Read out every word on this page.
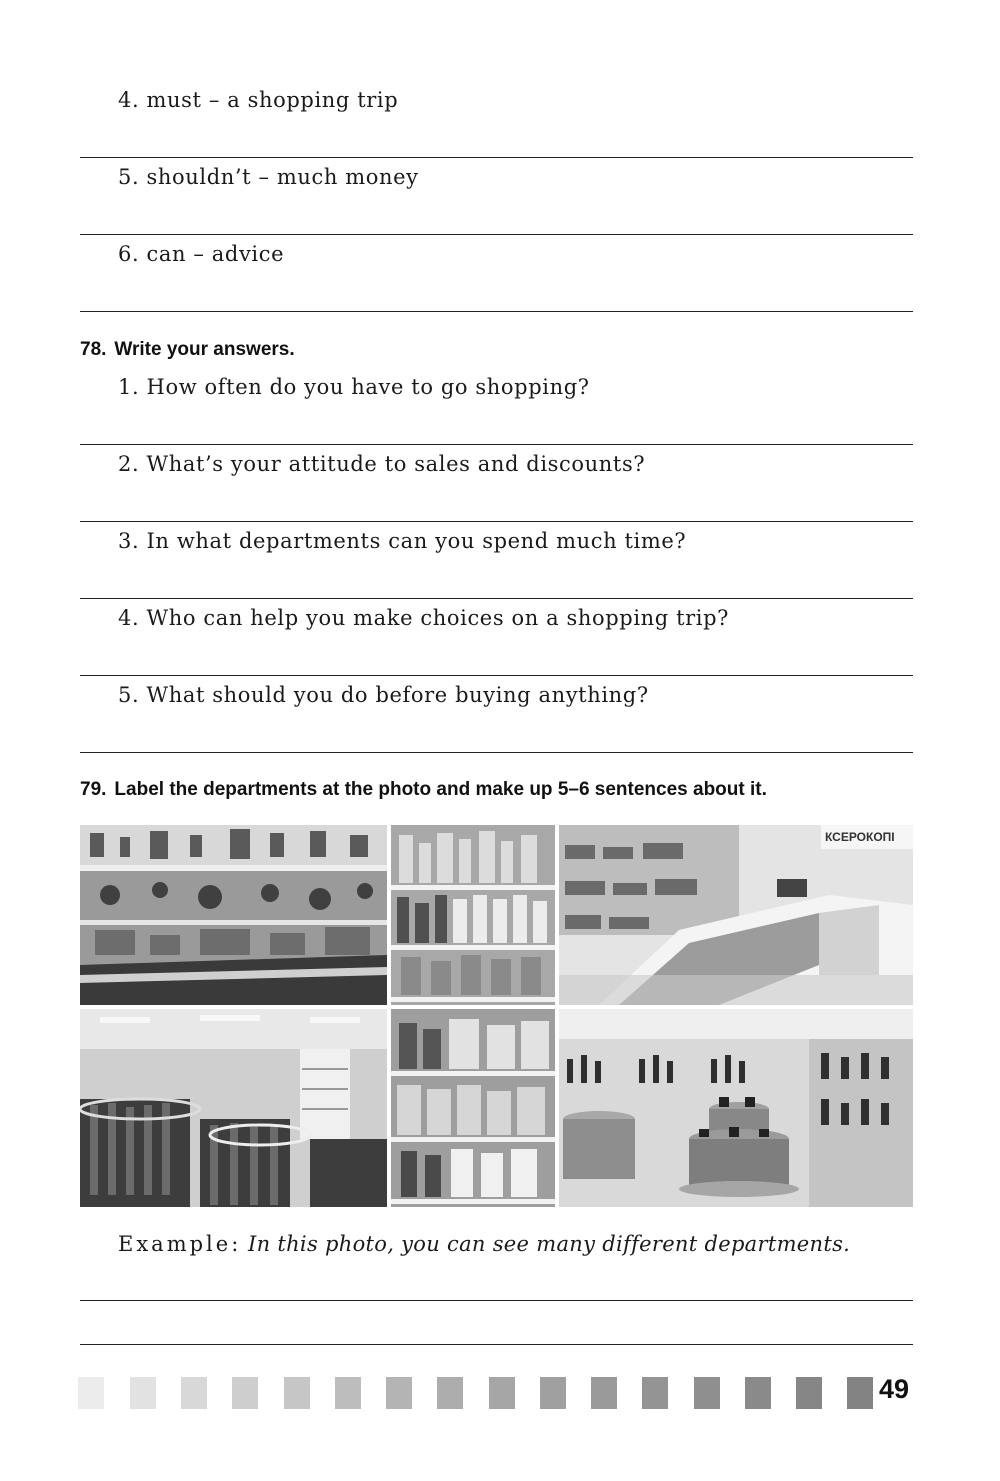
4. must – a shopping trip
5. shouldn’t – much money
6. can – advice
78. Write your answers.
1. How often do you have to go shopping?
2. What’s your attitude to sales and discounts?
3. In what departments can you spend much time?
4. Who can help you make choices on a shopping trip?
5. What should you do before buying anything?
79. Label the departments at the photo and make up 5–6 sentences about it.
КСЕРОКОПІ
Example: In this photo, you can see many different departments.
49
